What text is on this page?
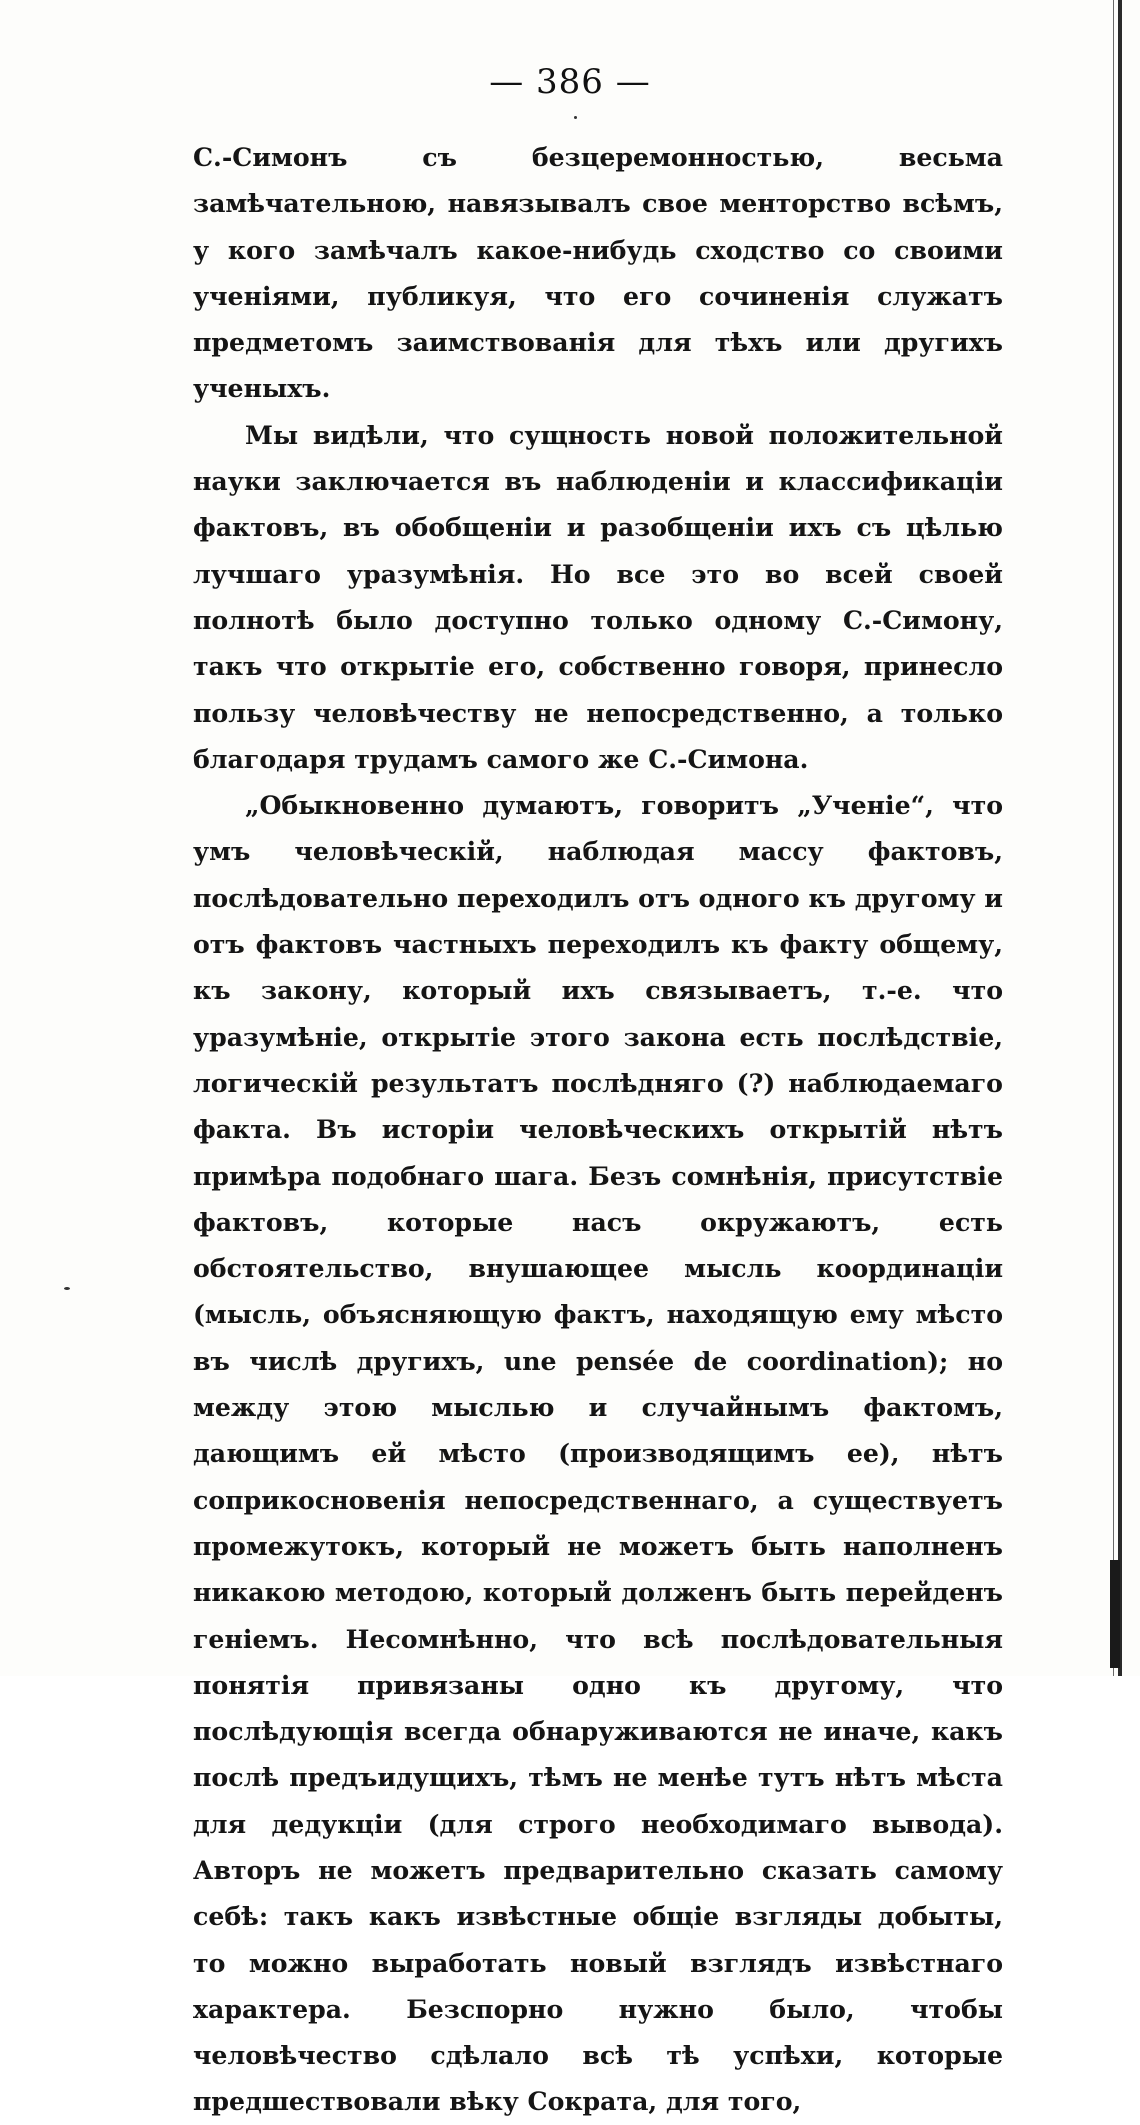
— 386 —

С.-Симонъ съ безцеремонностью, весьма замѣчательною, навязывалъ свое менторство всѣмъ, у кого замѣчалъ какое-нибудь сходство со своими ученіями, публикуя, что его сочиненія служатъ предметомъ заимствованія для тѣхъ или другихъ ученыхъ.

Мы видѣли, что сущность новой положительной науки заключается въ наблюденіи и классификаціи фактовъ, въ обобщеніи и разобщеніи ихъ съ цѣлью лучшаго уразумѣнія. Но все это во всей своей полнотѣ было доступно только одному С.-Симону, такъ что открытіе его, собственно говоря, принесло пользу человѣчеству не непосредственно, а только благодаря трудамъ самого же С.-Симона.

„Обыкновенно думаютъ, говоритъ „Ученіе“, что умъ человѣческій, наблюдая массу фактовъ, послѣдовательно переходилъ отъ одного къ другому и отъ фактовъ частныхъ переходилъ къ факту общему, къ закону, который ихъ связываетъ, т.-е. что уразумѣніе, открытіе этого закона есть послѣдствіе, логическій результатъ послѣдняго (?) наблюдаемаго факта. Въ исторіи человѣческихъ открытій нѣтъ примѣра подобнаго шага. Безъ сомнѣнія, присутствіе фактовъ, которые насъ окружаютъ, есть обстоятельство, внушающее мысль координаціи (мысль, объясняющую фактъ, находящую ему мѣсто въ числѣ другихъ, une pensée de coordination); но между этою мыслью и случайнымъ фактомъ, дающимъ ей мѣсто (производящимъ ее), нѣтъ соприкосновенія непосредственнаго, а существуетъ промежутокъ, который не можетъ быть наполненъ никакою методою, который долженъ быть перейденъ геніемъ. Несомнѣнно, что всѣ послѣдовательныя понятія привязаны одно къ другому, что послѣдующія всегда обнаруживаются не иначе, какъ послѣ предъидущихъ, тѣмъ не менѣе тутъ нѣтъ мѣста для дедукціи (для строго необходимаго вывода). Авторъ не можетъ предварительно сказать самому себѣ: такъ какъ извѣстные общіе взгляды добыты, то можно выработать новый взглядъ извѣстнаго характера. Безспорно нужно было, чтобы человѣчество сдѣлало всѣ тѣ успѣхи, которые предшествовали вѣку Сократа, для того,
